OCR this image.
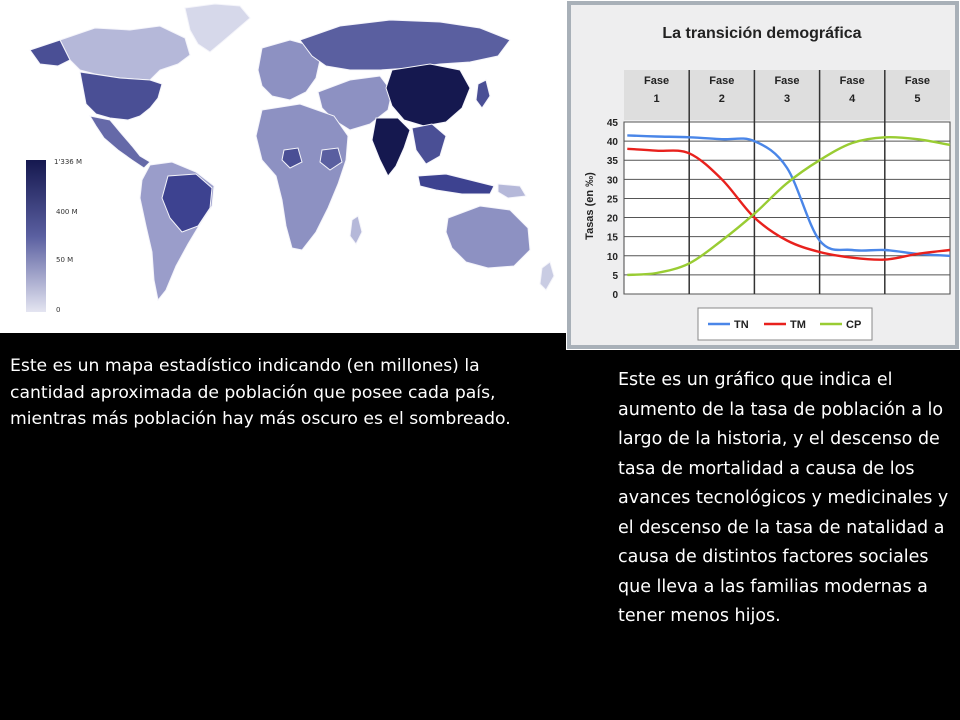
1'336 M
400 M
50 M
0
La transición demográfica
Fase
1
Fase
2
Fase
3
Fase
4
Fase
5
45
40
35
30
25
20
15
10
5
0
Tasas (en ‰)
TN	TM	CP
Este es un mapa estadístico indicando (en millones) la cantidad aproximada de población que posee cada país, mientras más población hay más oscuro es el sombreado.
Este es un gráfico que indica el aumento de la tasa de población a lo largo de la historia, y el descenso de tasa de mortalidad a causa de los avances tecnológicos y medicinales y el descenso de la tasa de natalidad a causa de distintos factores sociales que lleva a las familias modernas a tener menos hijos.
